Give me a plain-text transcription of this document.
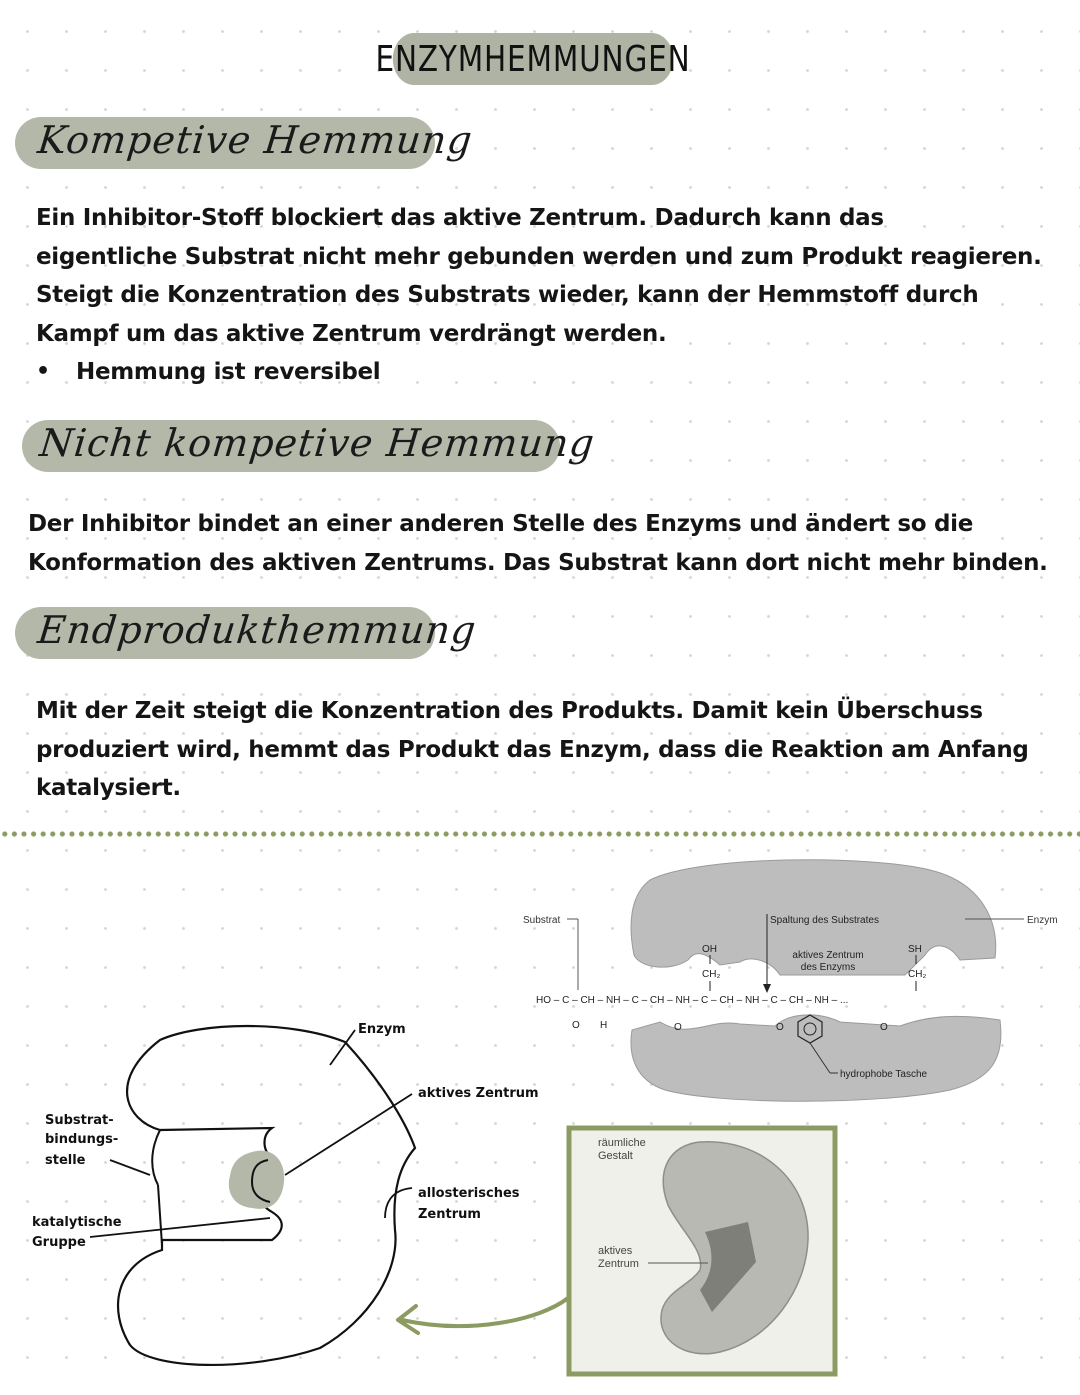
ENZYMHEMMUNGEN
Kompetive Hemmung

Ein Inhibitor-Stoff blockiert das aktive Zentrum. Dadurch kann das

eigentliche Substrat nicht mehr gebunden werden und zum Produkt reagieren.

Steigt die Konzentration des Substrats wieder, kann der Hemmstoff durch

Kampf um das aktive Zentrum verdrängt werden.

•	Hemmung ist reversibel
Nicht kompetive Hemmung

Der Inhibitor bindet an einer anderen Stelle des Enzyms und ändert so die

Konformation des aktiven Zentrums. Das Substrat kann dort nicht mehr binden.

Endprodukthemmung

Mit der Zeit steigt die Konzentration des Produkts. Damit kein Überschuss

produziert wird, hemmt das Produkt das Enzym, dass die Reaktion am Anfang

katalysiert.

Substrat	Spaltung des Substrates	Enzym
aktives Zentrum
des Enzyms
OH
CH₂
SH
CH₂
HO – C – CH – NH – C – CH – NH – C – CH – NH – C – CH – NH – ...
O H	O	O	O
hydrophobe Tasche
räumliche
Gestalt
aktives
Zentrum
Enzym
aktives Zentrum
Substrat-
bindungs-
stelle
katalytische
Gruppe
allosterisches
Zentrum
